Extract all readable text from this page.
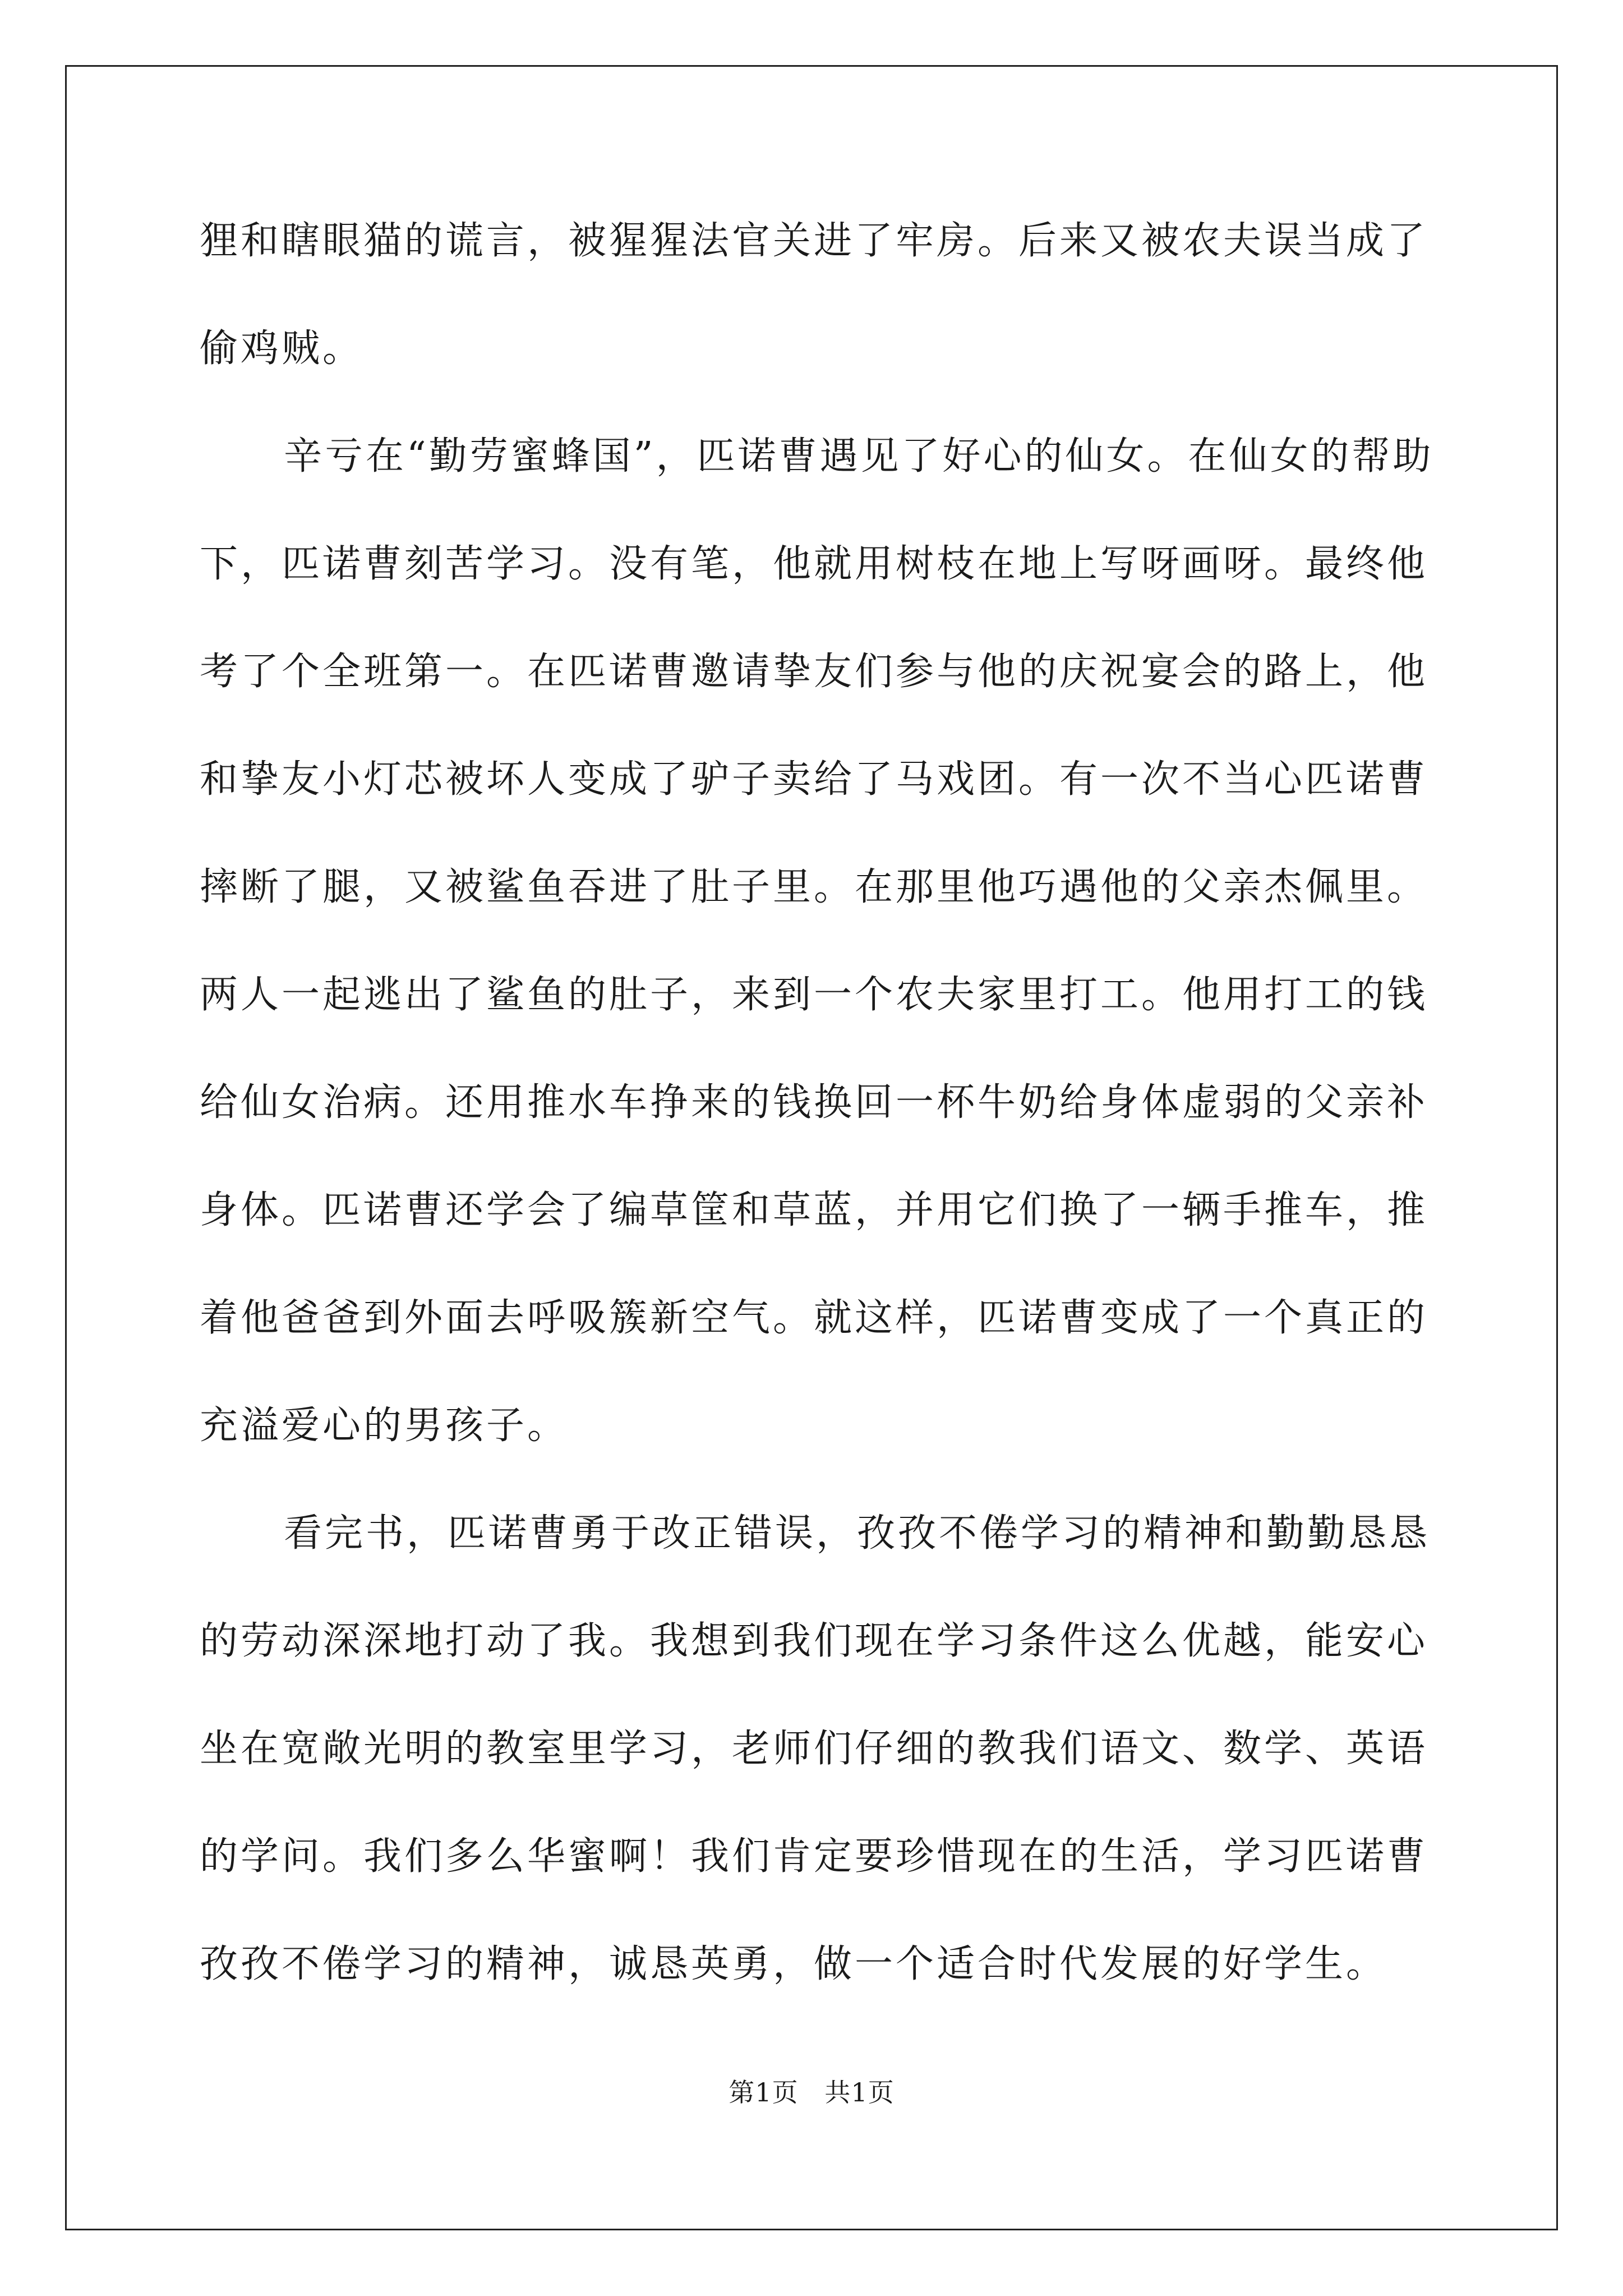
狸和瞎眼猫的谎言，被猩猩法官关进了牢房。后来又被农夫误当成了
偷鸡贼。
辛亏在“勤劳蜜蜂国”，匹诺曹遇见了好心的仙女。在仙女的帮助
下，匹诺曹刻苦学习。没有笔，他就用树枝在地上写呀画呀。最终他
考了个全班第一。在匹诺曹邀请挚友们参与他的庆祝宴会的路上，他
和挚友小灯芯被坏人变成了驴子卖给了马戏团。有一次不当心匹诺曹
摔断了腿，又被鲨鱼吞进了肚子里。在那里他巧遇他的父亲杰佩里。
两人一起逃出了鲨鱼的肚子，来到一个农夫家里打工。他用打工的钱
给仙女治病。还用推水车挣来的钱换回一杯牛奶给身体虚弱的父亲补
身体。匹诺曹还学会了编草筐和草蓝，并用它们换了一辆手推车，推
着他爸爸到外面去呼吸簇新空气。就这样，匹诺曹变成了一个真正的
充溢爱心的男孩子。
看完书，匹诺曹勇于改正错误，孜孜不倦学习的精神和勤勤恳恳
的劳动深深地打动了我。我想到我们现在学习条件这么优越，能安心
坐在宽敞光明的教室里学习，老师们仔细的教我们语文、数学、英语
的学问。我们多么华蜜啊！我们肯定要珍惜现在的生活，学习匹诺曹
孜孜不倦学习的精神，诚恳英勇，做一个适合时代发展的好学生。
第1页   共1页
